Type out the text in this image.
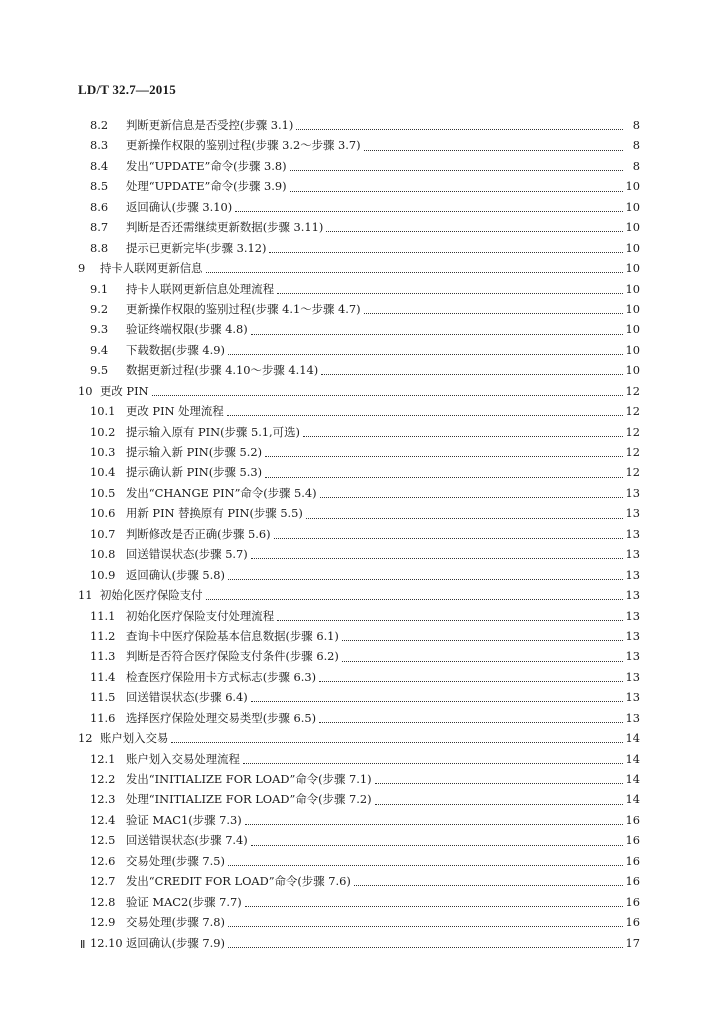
LD/T 32.7—2015
8.2	判断更新信息是否受控(步骤 3.1)	8
8.3	更新操作权限的鉴别过程(步骤 3.2～步骤 3.7)	8
8.4	发出“UPDATE”命令(步骤 3.8)	8
8.5	处理“UPDATE”命令(步骤 3.9)	10
8.6	返回确认(步骤 3.10)	10
8.7	判断是否还需继续更新数据(步骤 3.11)	10
8.8	提示已更新完毕(步骤 3.12)	10
9	持卡人联网更新信息	10
9.1	持卡人联网更新信息处理流程	10
9.2	更新操作权限的鉴别过程(步骤 4.1～步骤 4.7)	10
9.3	验证终端权限(步骤 4.8)	10
9.4	下载数据(步骤 4.9)	10
9.5	数据更新过程(步骤 4.10～步骤 4.14)	10
10 更改 PIN	12
10.1 更改 PIN 处理流程	12
10.2 提示输入原有 PIN(步骤 5.1,可选)	12
10.3 提示输入新 PIN(步骤 5.2)	12
10.4 提示确认新 PIN(步骤 5.3)	12
10.5 发出“CHANGE PIN”命令(步骤 5.4)	13
10.6 用新 PIN 替换原有 PIN(步骤 5.5)	13
10.7 判断修改是否正确(步骤 5.6)	13
10.8 回送错误状态(步骤 5.7)	13
10.9 返回确认(步骤 5.8)	13
11 初始化医疗保险支付	13
11.1 初始化医疗保险支付处理流程	13
11.2 查询卡中医疗保险基本信息数据(步骤 6.1)	13
11.3 判断是否符合医疗保险支付条件(步骤 6.2)	13
11.4 检查医疗保险用卡方式标志(步骤 6.3)	13
11.5 回送错误状态(步骤 6.4)	13
11.6 选择医疗保险处理交易类型(步骤 6.5)	13
12 账户划入交易	14
12.1 账户划入交易处理流程	14
12.2 发出“INITIALIZE FOR LOAD”命令(步骤 7.1)	14
12.3 处理“INITIALIZE FOR LOAD”命令(步骤 7.2)	14
12.4 验证 MAC1(步骤 7.3)	16
12.5 回送错误状态(步骤 7.4)	16
12.6 交易处理(步骤 7.5)	16
12.7 发出“CREDIT FOR LOAD”命令(步骤 7.6)	16
12.8 验证 MAC2(步骤 7.7)	16
12.9 交易处理(步骤 7.8)	16
12.10 返回确认(步骤 7.9)	17
Ⅱ
